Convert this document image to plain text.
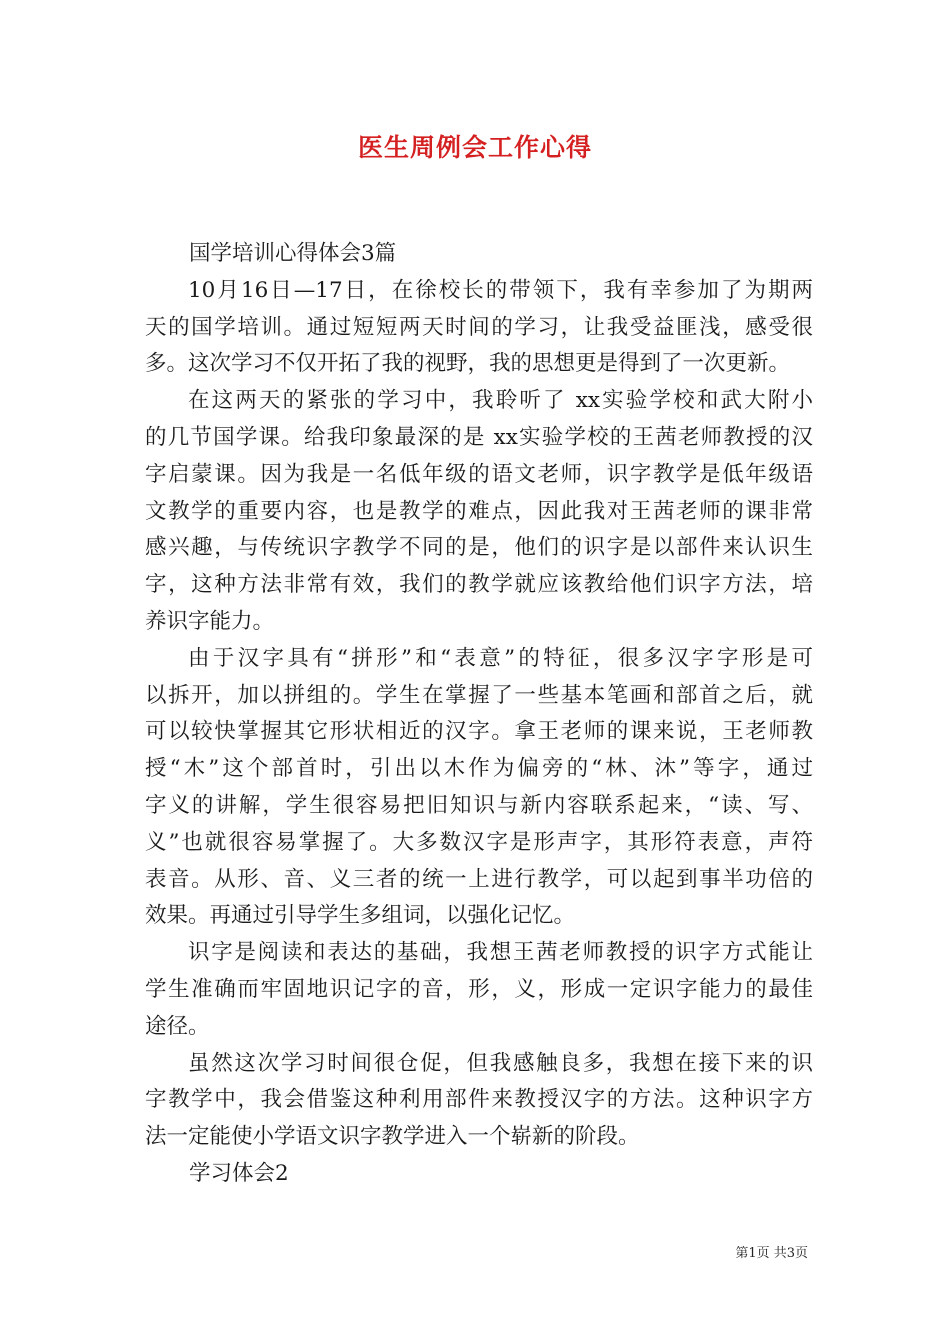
医生周例会工作心得
国学培训心得体会3篇
10月16日—17日，在徐校长的带领下，我有幸参加了为期两
天的国学培训。通过短短两天时间的学习，让我受益匪浅，感受很
多。这次学习不仅开拓了我的视野，我的思想更是得到了一次更新。
在这两天的紧张的学习中，我聆听了 xx实验学校和武大附小
的几节国学课。给我印象最深的是 xx实验学校的王茜老师教授的汉
字启蒙课。因为我是一名低年级的语文老师，识字教学是低年级语
文教学的重要内容，也是教学的难点，因此我对王茜老师的课非常
感兴趣，与传统识字教学不同的是，他们的识字是以部件来认识生
字，这种方法非常有效，我们的教学就应该教给他们识字方法，培
养识字能力。
由于汉字具有“拼形”和“表意”的特征，很多汉字字形是可
以拆开，加以拼组的。学生在掌握了一些基本笔画和部首之后，就
可以较快掌握其它形状相近的汉字。拿王老师的课来说，王老师教
授“木”这个部首时，引出以木作为偏旁的“林、沐”等字，通过
字义的讲解，学生很容易把旧知识与新内容联系起来，“读、写、
义”也就很容易掌握了。大多数汉字是形声字，其形符表意，声符
表音。从形、音、义三者的统一上进行教学，可以起到事半功倍的
效果。再通过引导学生多组词，以强化记忆。
识字是阅读和表达的基础，我想王茜老师教授的识字方式能让
学生准确而牢固地识记字的音，形，义，形成一定识字能力的最佳
途径。
虽然这次学习时间很仓促，但我感触良多，我想在接下来的识
字教学中，我会借鉴这种利用部件来教授汉字的方法。这种识字方
法一定能使小学语文识字教学进入一个崭新的阶段。
学习体会2
第1页 共3页
